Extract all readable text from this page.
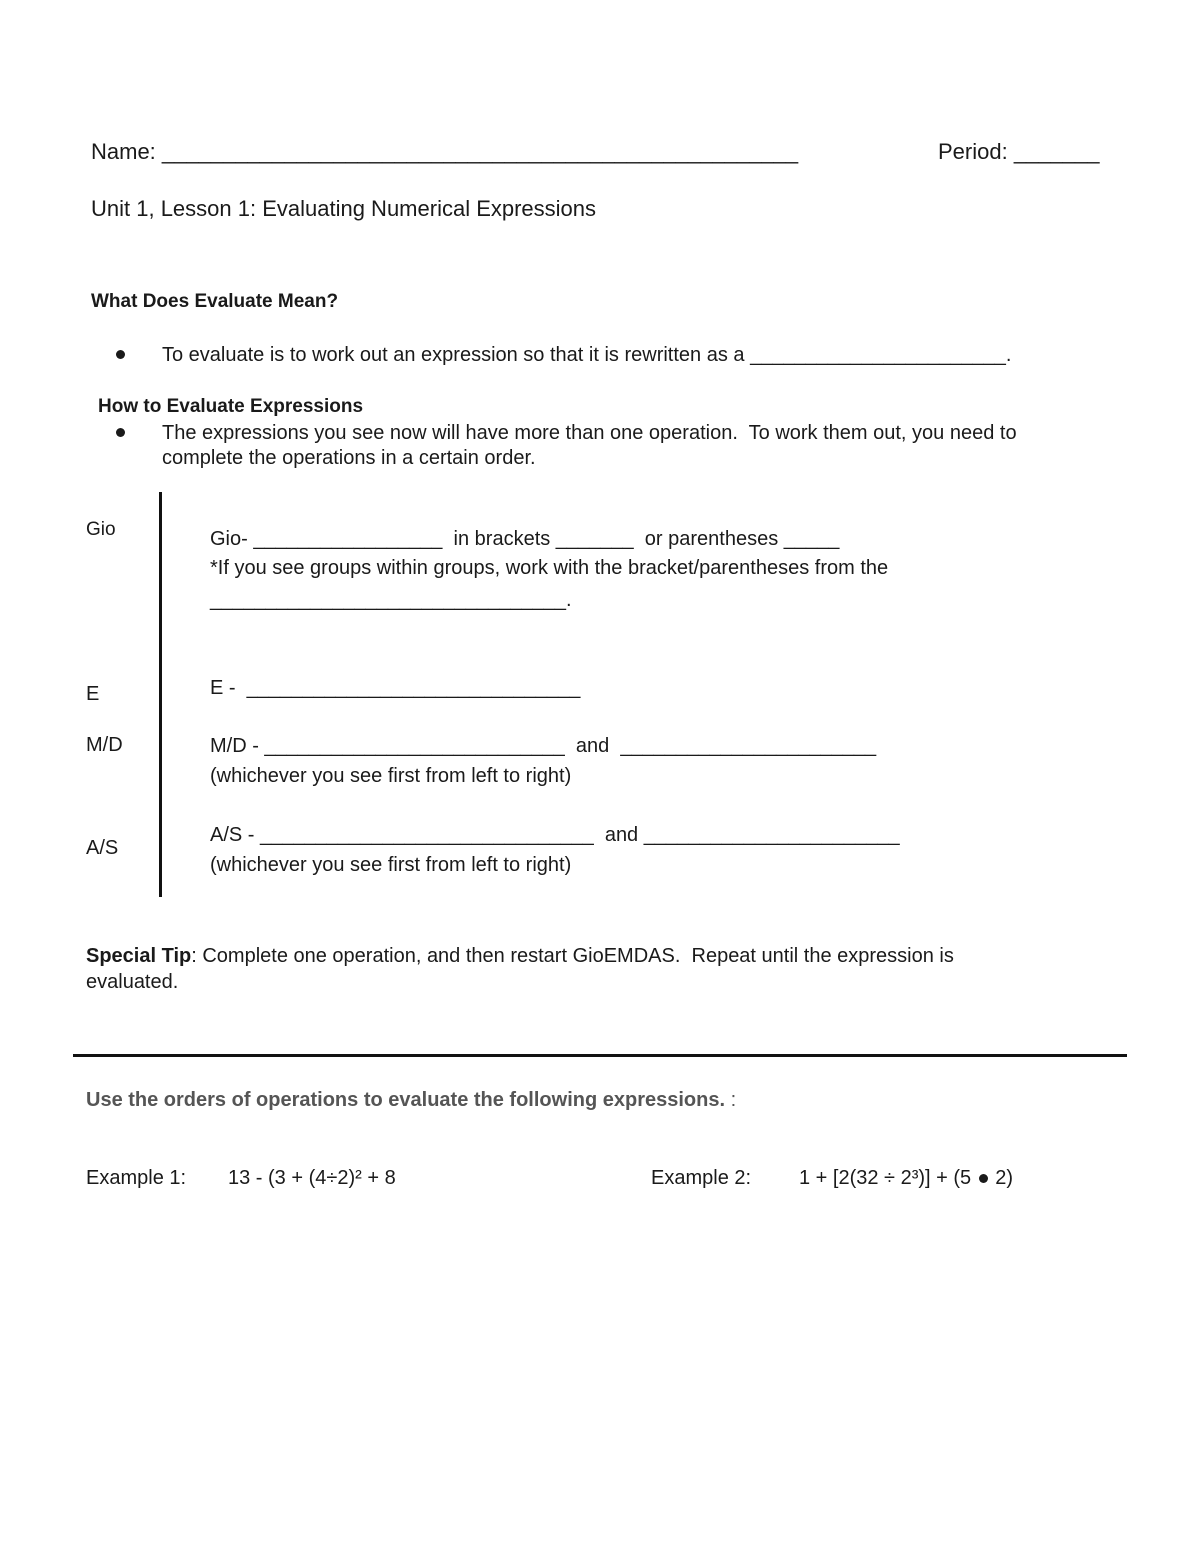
Name: ____________________________________________________	Period: _______
Unit 1, Lesson 1: Evaluating Numerical Expressions
What Does Evaluate Mean?
To evaluate is to work out an expression so that it is rewritten as a _______________________.
How to Evaluate Expressions
The expressions you see now will have more than one operation.  To work them out, you need to
complete the operations in a certain order.
Gio
E
M/D
A/S
Gio- _________________  in brackets _______  or parentheses _____
*If you see groups within groups, work with the bracket/parentheses from the
________________________________.
E -  ______________________________
M/D - ___________________________  and  _______________________
(whichever you see first from left to right)
A/S - ______________________________  and _______________________
(whichever you see first from left to right)
Special Tip: Complete one operation, and then restart GioEMDAS.  Repeat until the expression is
evaluated.
Use the orders of operations to evaluate the following expressions. :
Example 1: 13 - (3 + (4÷2)² + 8	Example 2: 1 + [2(32 ÷ 2³)] + (5 2)
